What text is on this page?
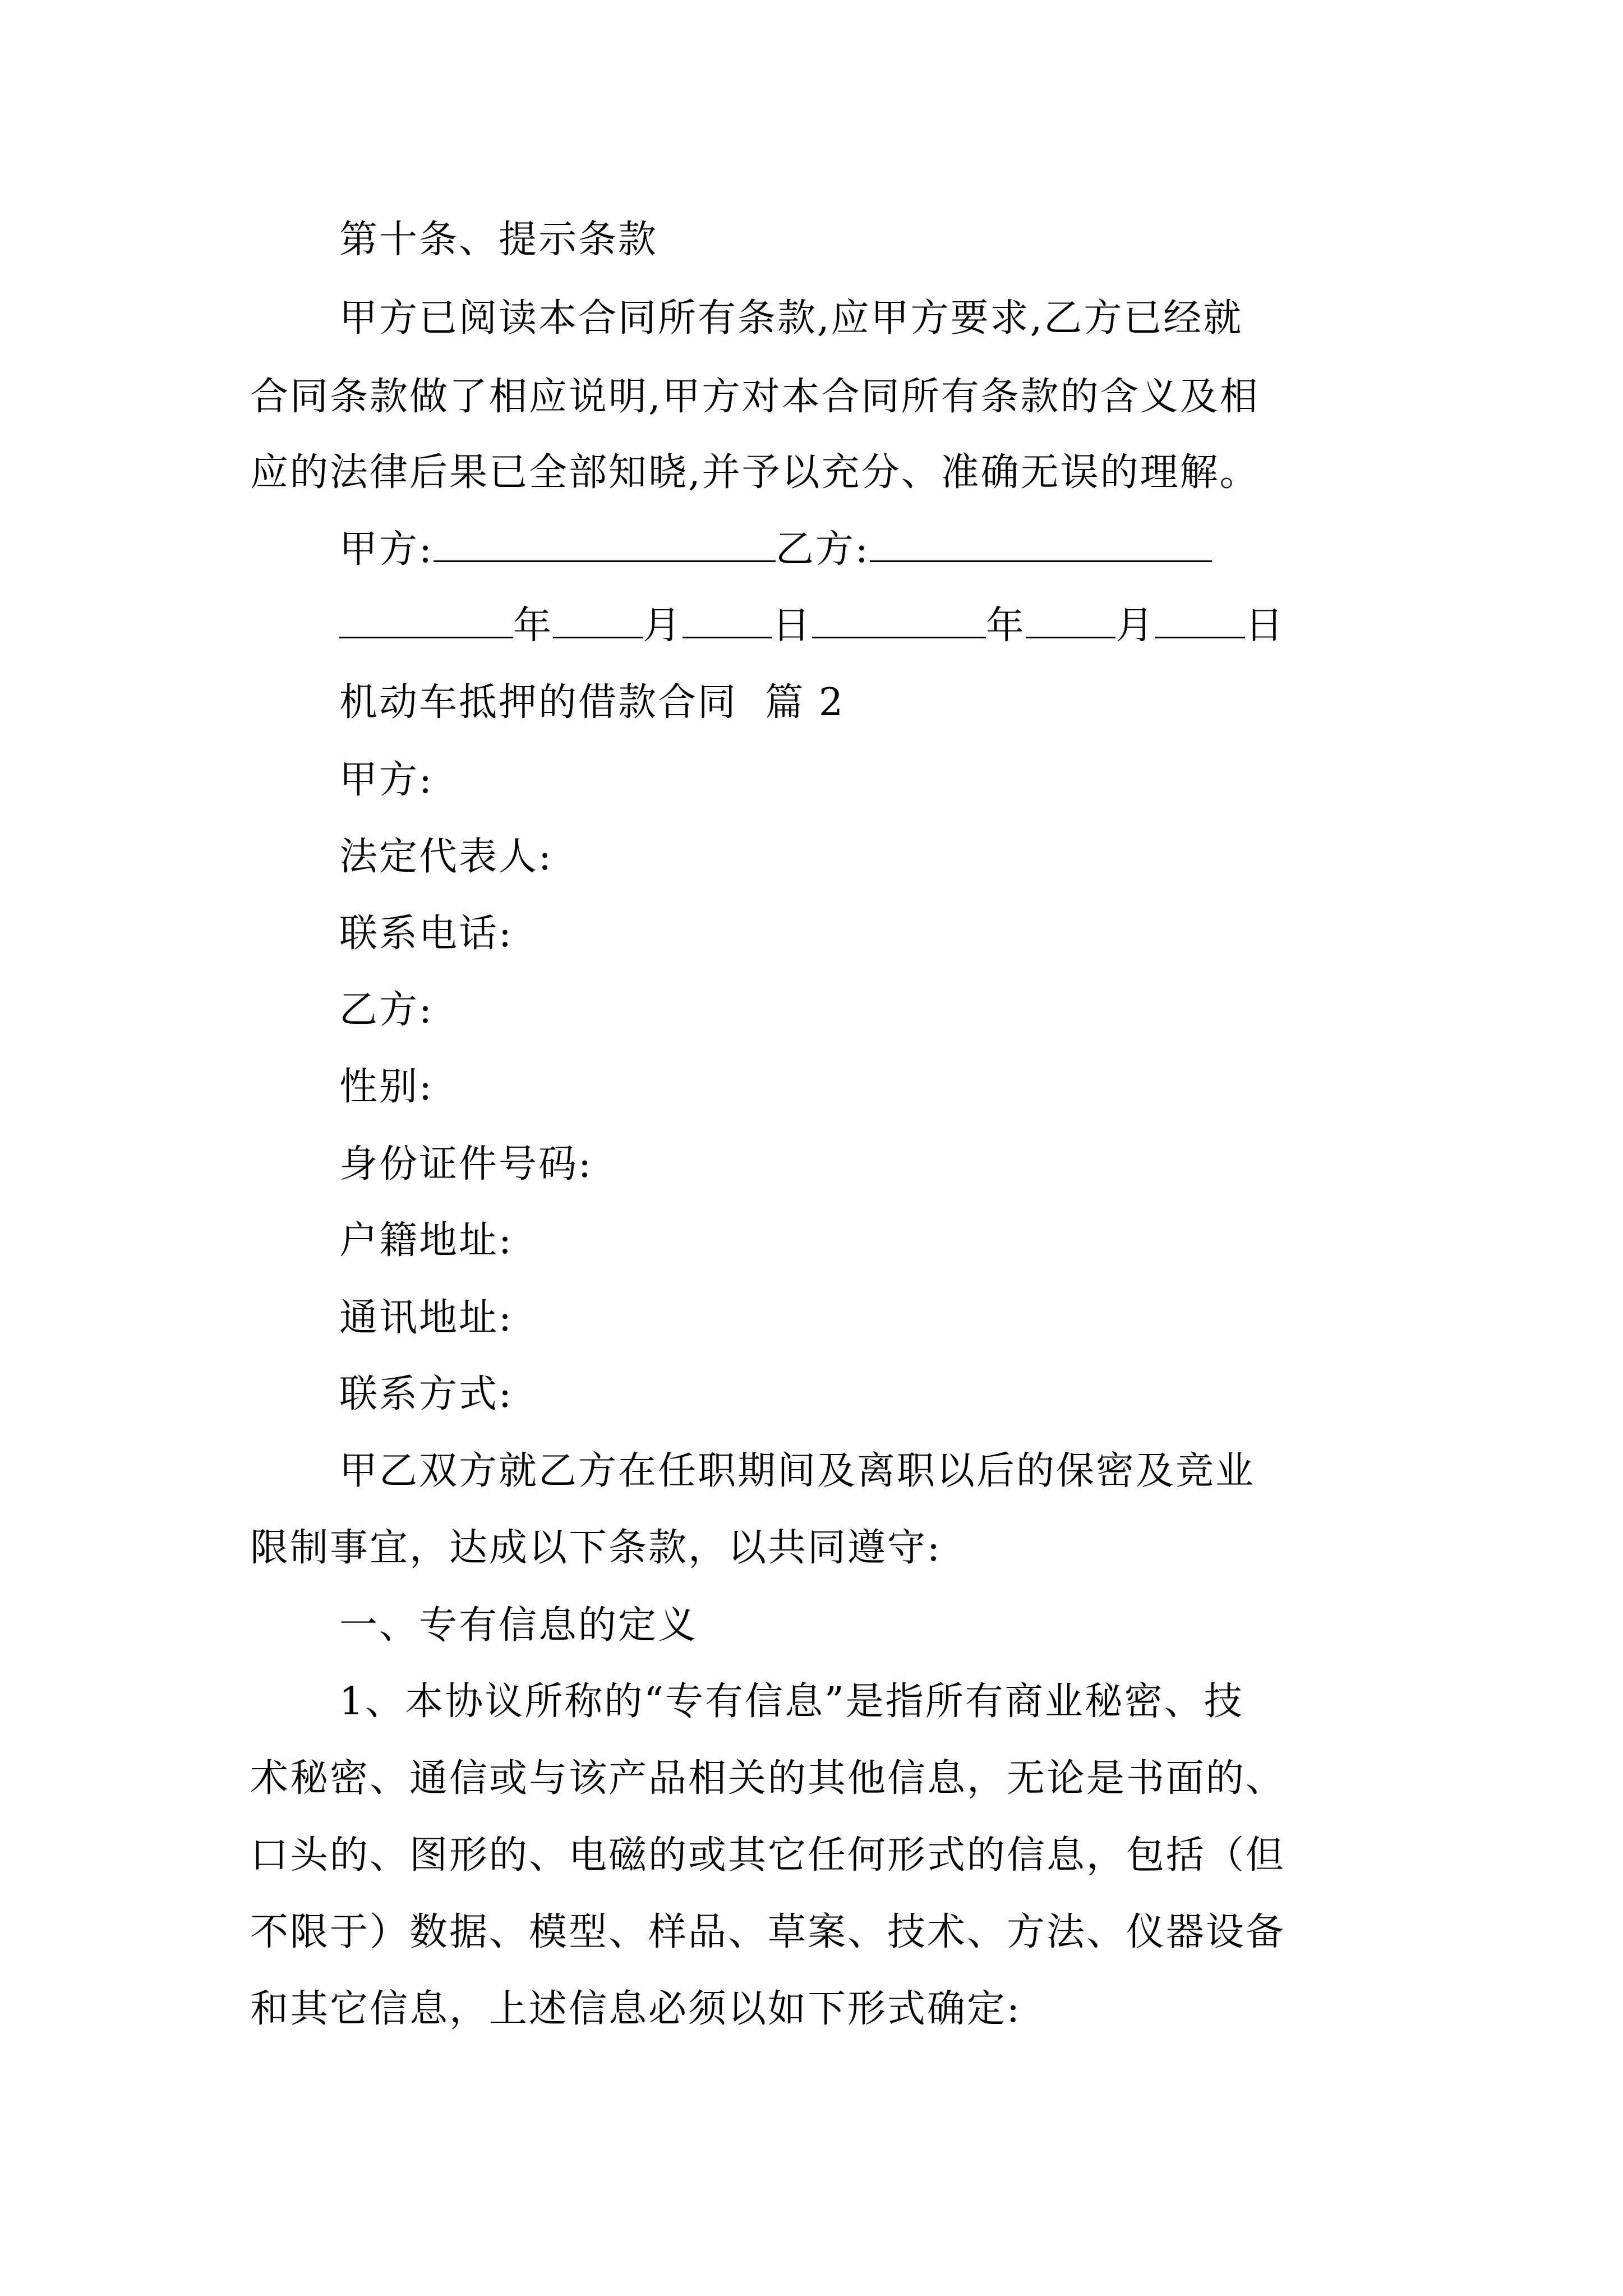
第十条、提示条款
甲方已阅读本合同所有条款,应甲方要求,乙方已经就
合同条款做了相应说明,甲方对本合同所有条款的含义及相
应的法律后果已全部知晓,并予以充分、准确无误的理解。
甲方:	乙方:
年 月 日	年 月 日
机动车抵押的借款合同  篇 2
甲方:
法定代表人:
联系电话:
乙方:
性别:
身份证件号码:
户籍地址:
通讯地址:
联系方式:
甲乙双方就乙方在任职期间及离职以后的保密及竞业
限制事宜，达成以下条款，以共同遵守:
一、专有信息的定义
1、本协议所称的“专有信息”是指所有商业秘密、技
术秘密、通信或与该产品相关的其他信息，无论是书面的、
口头的、图形的、电磁的或其它任何形式的信息，包括（但
不限于）数据、模型、样品、草案、技术、方法、仪器设备
和其它信息，上述信息必须以如下形式确定:
